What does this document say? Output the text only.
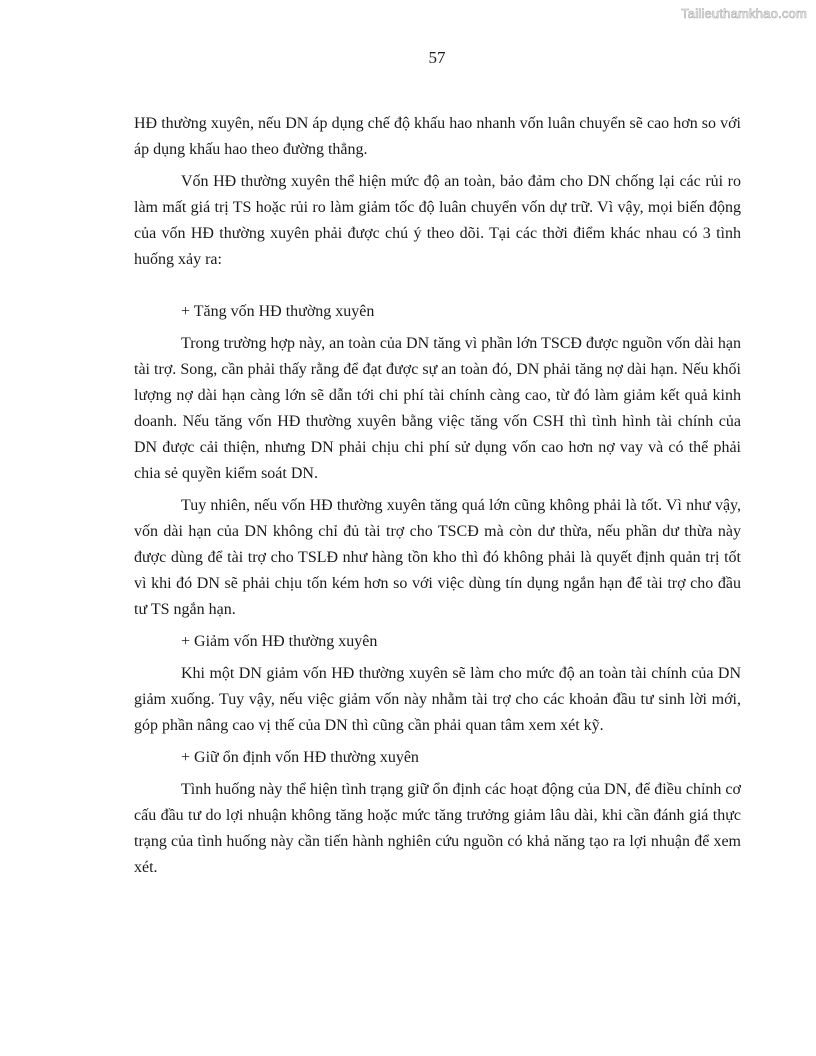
Tailieuthamkhao.com
57

HĐ thường xuyên, nếu DN áp dụng chế độ khấu hao nhanh vốn luân chuyển sẽ cao hơn so với áp dụng khấu hao theo đường thẳng.

Vốn HĐ thường xuyên thể hiện mức độ an toàn, bảo đảm cho DN chống lại các rủi ro làm mất giá trị TS hoặc rủi ro làm giảm tốc độ luân chuyển vốn dự trữ. Vì vậy, mọi biến động của vốn HĐ thường xuyên phải được chú ý theo dõi. Tại các thời điểm khác nhau có 3 tình huống xảy ra:

+ Tăng vốn HĐ thường xuyên

Trong trường hợp này, an toàn của DN tăng vì phần lớn TSCĐ được nguồn vốn dài hạn tài trợ. Song, cần phải thấy rằng để đạt được sự an toàn đó, DN phải tăng nợ dài hạn. Nếu khối lượng nợ dài hạn càng lớn sẽ dẫn tới chi phí tài chính càng cao, từ đó làm giảm kết quả kinh doanh. Nếu tăng vốn HĐ thường xuyên bằng việc tăng vốn CSH thì tình hình tài chính của DN được cải thiện, nhưng DN phải chịu chi phí sử dụng vốn cao hơn nợ vay và có thể phải chia sẻ quyền kiểm soát DN.

Tuy nhiên, nếu vốn HĐ thường xuyên tăng quá lớn cũng không phải là tốt. Vì như vậy, vốn dài hạn của DN không chỉ đủ tài trợ cho TSCĐ mà còn dư thừa, nếu phần dư thừa này được dùng để tài trợ cho TSLĐ như hàng tồn kho thì đó không phải là quyết định quản trị tốt vì khi đó DN sẽ phải chịu tốn kém hơn so với việc dùng tín dụng ngắn hạn để tài trợ cho đầu tư TS ngắn hạn.

+ Giảm vốn HĐ thường xuyên

Khi một DN giảm vốn HĐ thường xuyên sẽ làm cho mức độ an toàn tài chính của DN giảm xuống. Tuy vậy, nếu việc giảm vốn này nhằm tài trợ cho các khoản đầu tư sinh lời mới, góp phần nâng cao vị thế của DN thì cũng cần phải quan tâm xem xét kỹ.

+ Giữ ổn định vốn HĐ thường xuyên

Tình huống này thể hiện tình trạng giữ ổn định các hoạt động của DN, để điều chỉnh cơ cấu đầu tư do lợi nhuận không tăng hoặc mức tăng trưởng giảm lâu dài, khi cần đánh giá thực trạng của tình huống này cần tiến hành nghiên cứu nguồn có khả năng tạo ra lợi nhuận để xem xét.
